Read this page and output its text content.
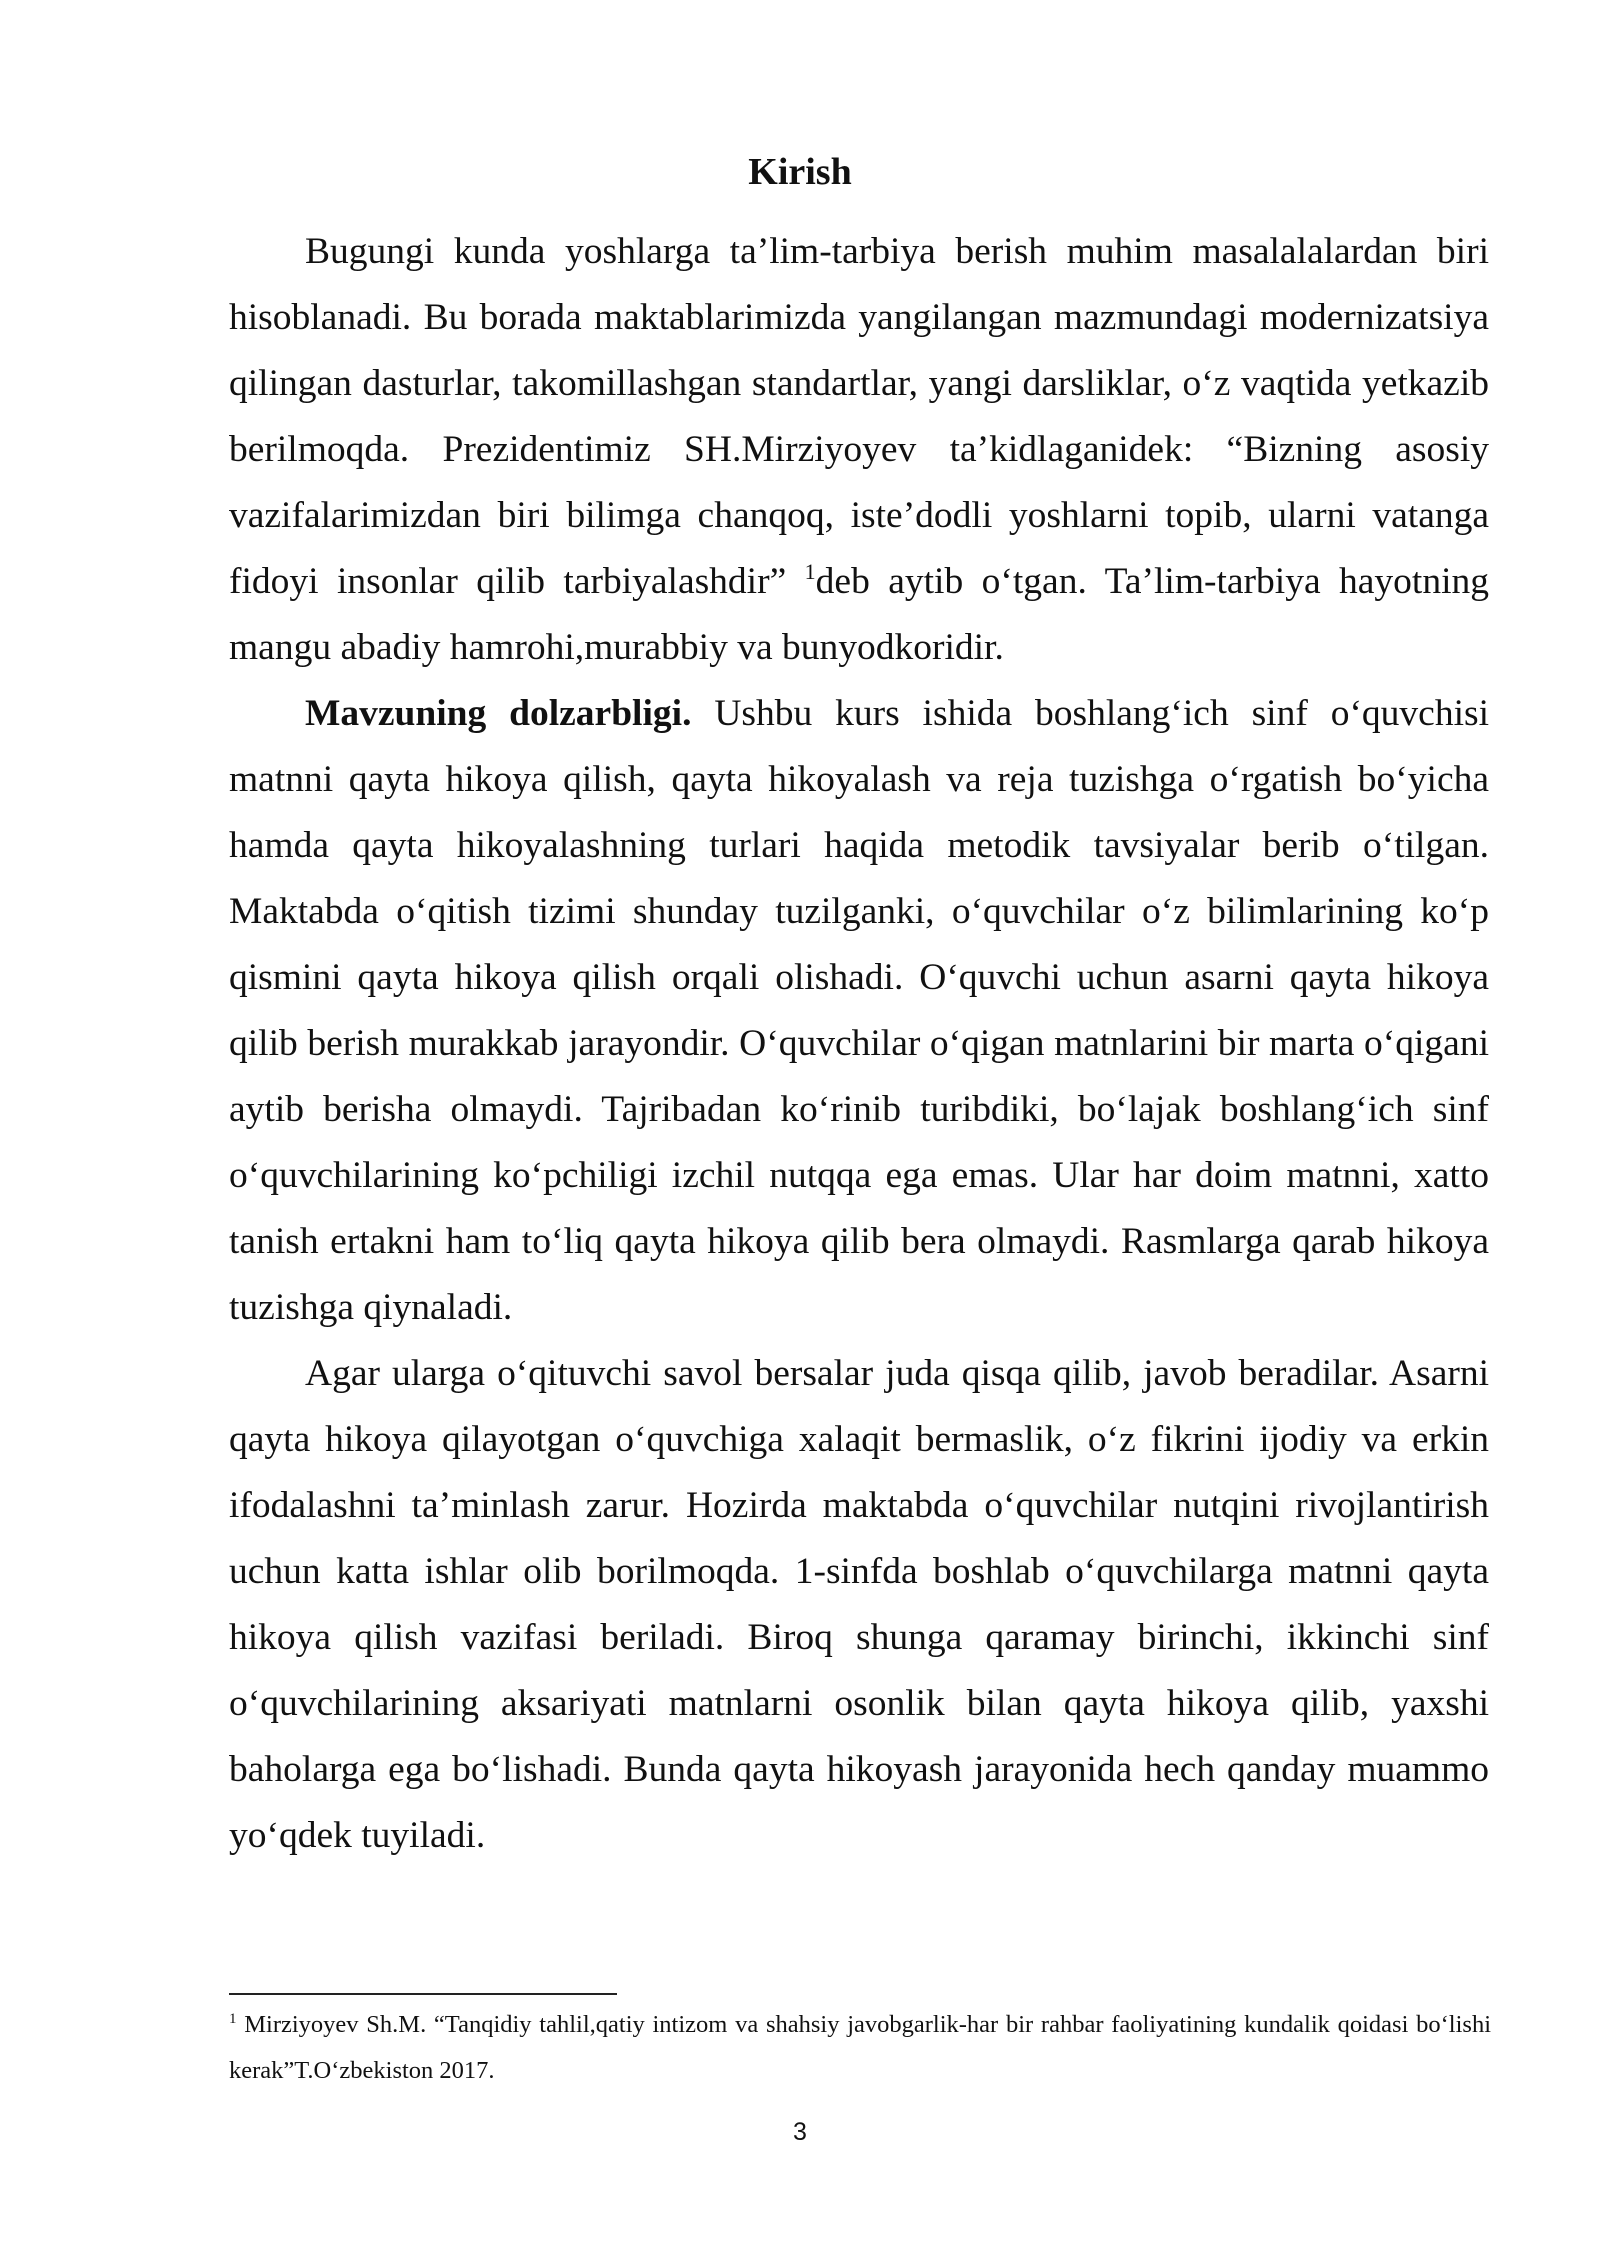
Kirish

Bugungi kunda yoshlarga ta’lim-tarbiya berish muhim masalalalardan biri hisoblanadi. Bu borada maktablarimizda yangilangan mazmundagi modernizatsiya qilingan dasturlar, takomillashgan standartlar, yangi darsliklar, o‘z vaqtida yetkazib berilmoqda. Prezidentimiz SH.Mirziyoyev ta’kidlaganidek: “Bizning asosiy vazifalarimizdan biri bilimga chanqoq, iste’dodli yoshlarni topib, ularni vatanga fidoyi insonlar qilib tarbiyalashdir” $^1$deb aytib o‘tgan. Ta’lim-tarbiya hayotning mangu abadiy hamrohi,murabbiy va bunyodkoridir.

Mavzuning dolzarbligi. Ushbu kurs ishida boshlang‘ich sinf o‘quvchisi matnni qayta hikoya qilish, qayta hikoyalash va reja tuzishga o‘rgatish bo‘yicha hamda qayta hikoyalashning turlari haqida metodik tavsiyalar berib o‘tilgan. Maktabda o‘qitish tizimi shunday tuzilganki, o‘quvchilar o‘z bilimlarining ko‘p qismini qayta hikoya qilish orqali olishadi. O‘quvchi uchun asarni qayta hikoya qilib berish murakkab jarayondir. O‘quvchilar o‘qigan matnlarini bir marta o‘qigani aytib berisha olmaydi. Tajribadan ko‘rinib turibdiki, bo‘lajak boshlang‘ich sinf o‘quvchilarining ko‘pchiligi izchil nutqqa ega emas. Ular har doim matnni, xatto tanish ertakni ham to‘liq qayta hikoya qilib bera olmaydi. Rasmlarga qarab hikoya tuzishga qiynaladi.

Agar ularga o‘qituvchi savol bersalar juda qisqa qilib, javob beradilar. Asarni qayta hikoya qilayotgan o‘quvchiga xalaqit bermaslik, o‘z fikrini ijodiy va erkin ifodalashni ta’minlash zarur. Hozirda maktabda o‘quvchilar nutqini rivojlantirish uchun katta ishlar olib borilmoqda. 1-sinfda boshlab o‘quvchilarga matnni qayta hikoya qilish vazifasi beriladi. Biroq shunga qaramay birinchi, ikkinchi sinf o‘quvchilarining aksariyati matnlarni osonlik bilan qayta hikoya qilib, yaxshi baholarga ega bo‘lishadi. Bunda qayta hikoyash jarayonida hech qanday muammo yo‘qdek tuyiladi.

$^1$ Mirziyoyev Sh.M. “Tanqidiy tahlil,qatiy intizom va shahsiy javobgarlik-har bir rahbar faoliyatining kundalik qoidasi bo‘lishi kerak”T.O‘zbekiston 2017.

3
